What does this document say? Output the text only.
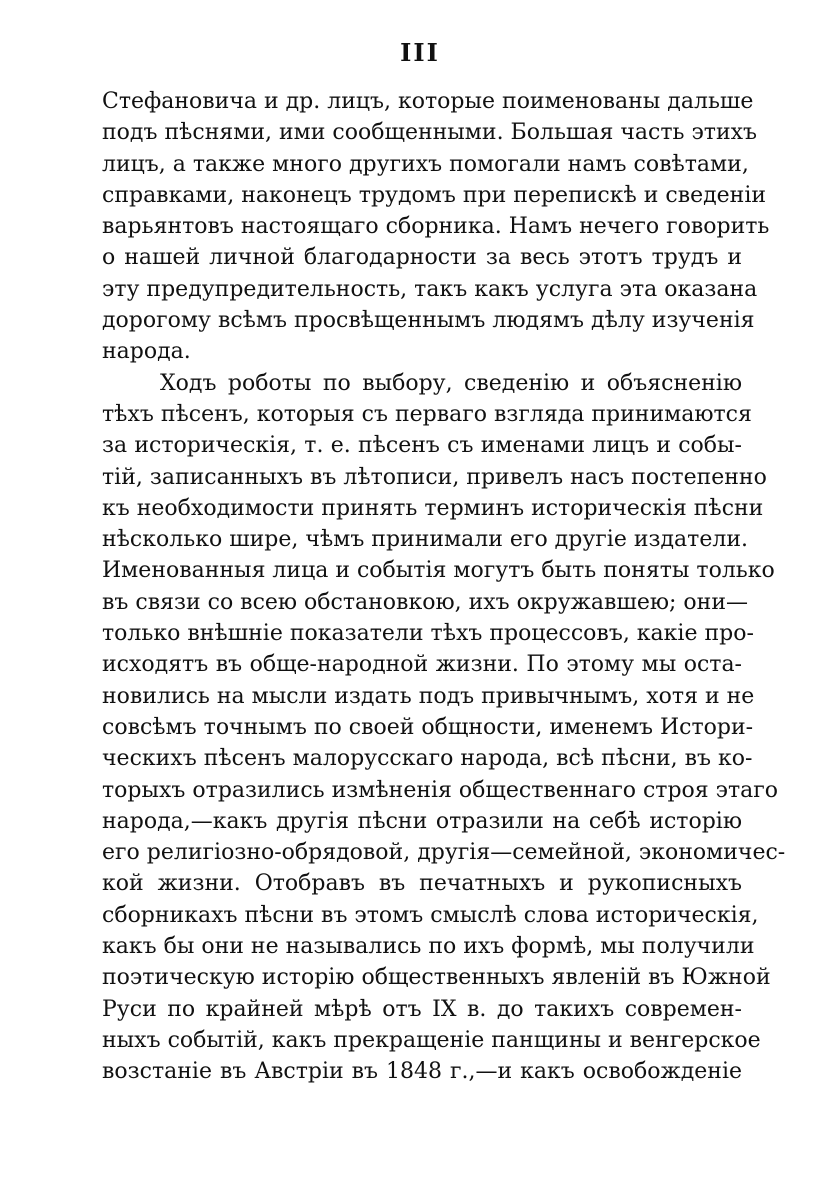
III
Стефановича и др. лицъ, которые поименованы дальше
подъ пѣснями, ими сообщенными. Большая часть этихъ
лицъ, а также много другихъ помогали намъ совѣтами,
справками, наконецъ трудомъ при перепискѣ и сведенiи
варьянтовъ настоящаго сборника. Намъ нечего говорить
о нашей личной благодарности за весь этотъ трудъ и
эту предупредительность, такъ какъ услуга эта оказана
дорогому всѣмъ просвѣщеннымъ людямъ дѣлу изученiя
народа.
Ходъ роботы по выбору, сведенiю и объясненiю
тѣхъ пѣсенъ, которыя съ перваго взгляда принимаются
за историческiя, т. е. пѣсенъ съ именами лицъ и собы-
тiй, записанныхъ въ лѣтописи, привелъ насъ постепенно
къ необходимости принять терминъ историческiя пѣсни
нѣсколько шире, чѣмъ принимали его другiе издатели.
Именованныя лица и событiя могутъ быть поняты только
въ связи со всею обстановкою, ихъ окружавшею; они—
только внѣшнiе показатели тѣхъ процессовъ, какiе про-
исходятъ въ обще-народной жизни. По этому мы оста-
новились на мысли издать подъ привычнымъ, хотя и не
совсѣмъ точнымъ по своей общности, именемъ Истори-
ческихъ пѣсенъ малорусскаго народа, всѣ пѣсни, въ ко-
торыхъ отразились измѣненiя общественнаго строя этаго
народа,—какъ другiя пѣсни отразили на себѣ исторiю
его религiозно-обрядовой, другiя—семейной, экономичес-
кой жизни. Отобравъ въ печатныхъ и рукописныхъ
сборникахъ пѣсни въ этомъ смыслѣ слова историческiя,
какъ бы они не назывались по ихъ формѣ, мы получили
поэтическую исторiю общественныхъ явленiй въ Южной
Руси по крайней мѣрѣ отъ IX в. до такихъ современ-
ныхъ событiй, какъ прекращенiе панщины и венгерское
возстанiе въ Австрiи въ 1848 г.,—и какъ освобожденiе
